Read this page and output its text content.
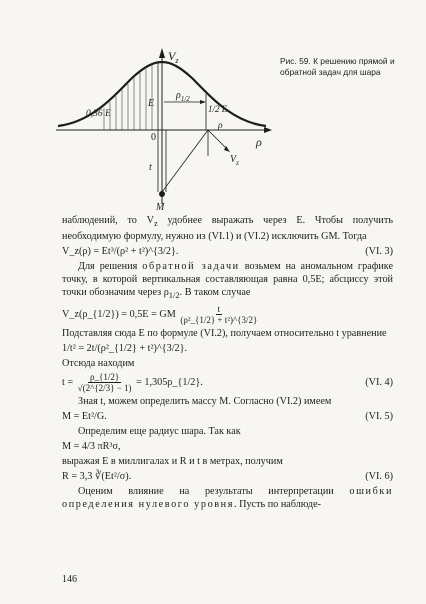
$V_z$
E
0,36 E
$\rho_{1/2}$
1/2 E
ρ
0	ρ
t
$V_z$
M

Рис. 59. К решению прямой и обратной задач для шара

наблюдений, то $V_z$ удобнее выражать через E. Чтобы получить необходимую формулу, нужно из (VI.1) и (VI.2) исключить GM. Тогда

V_z(ρ) = Et³/(ρ² + t²)^{3/2}.	(VI. 3)

Для решения обратной задачи возьмем на аномальном графике точку, в которой вертикальная составляющая равна 0,5E; абсциссу этой точки обозначим через $\rho_{1/2}$. В таком случае

V_z(ρ_{1/2}) = 0,5E = GM $\frac{t}{\text{(ρ²\_\{1/2\} + t²)\textasciicircum{}\{3/2\}}}$

Подставляя сюда E по формуле (VI.2), получаем относительно t уравнение

1/t² = 2t/(ρ²_{1/2} + t²)^{3/2}.

Отсюда находим

$t = \frac{\rho\_\{1/2\}}{√(2\^{}\{2/3\} - 1)}$ = 1,305ρ_{1/2}.	(VI. 4)

Зная t, можем определить массу M. Согласно (VI.2) имеем

M = Et²/G.	(VI. 5)

Определим еще радиус шара. Так как

M = 4/3 πR³σ,

выражая E в миллигалах и R и t в метрах, получим

R = 3,3 ∛(Et²/σ).	(VI. 6)

Оценим влияние на результаты интерпретации ошибки определения нулевого уровня. Пусть по наблюде-

146
